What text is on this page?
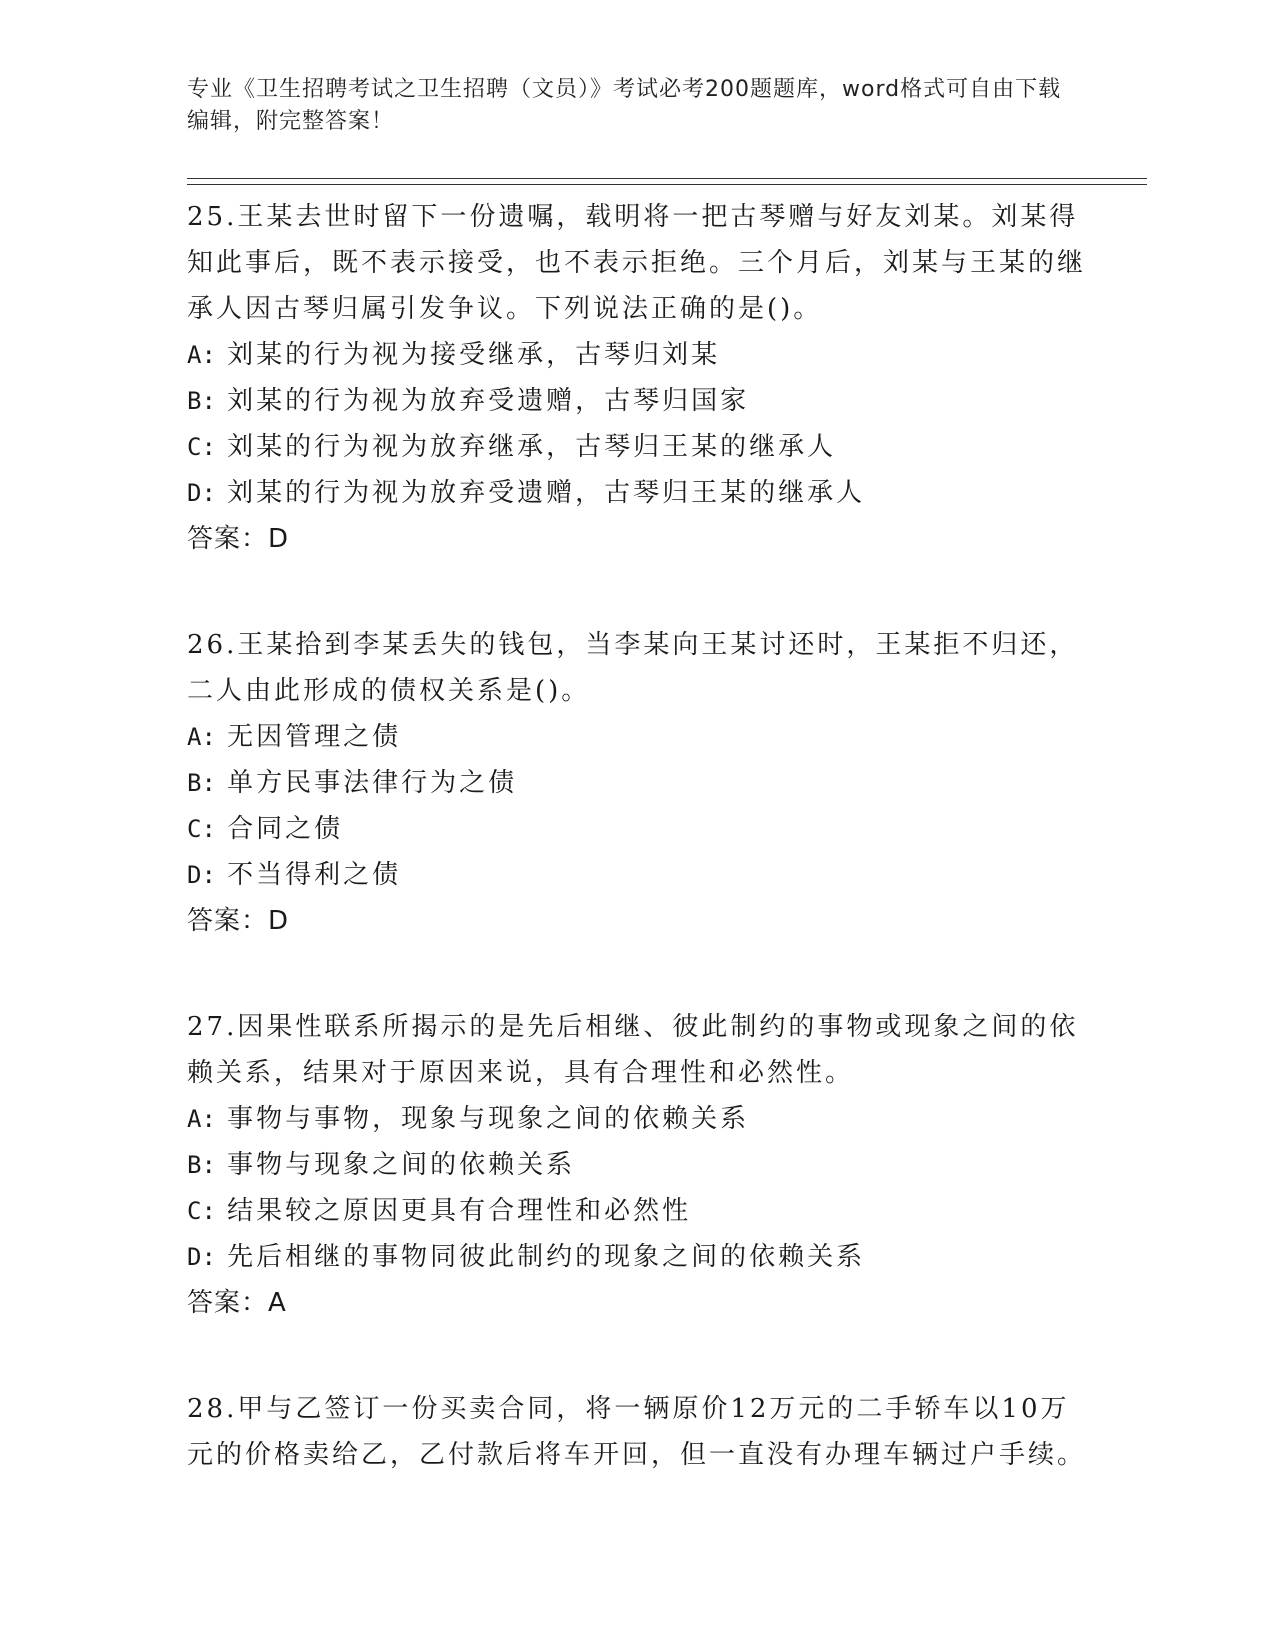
专业《卫生招聘考试之卫生招聘（文员）》考试必考200题题库，word格式可自由下载编辑，附完整答案！

25.王某去世时留下一份遗嘱，载明将一把古琴赠与好友刘某。刘某得知此事后，既不表示接受，也不表示拒绝。三个月后，刘某与王某的继承人因古琴归属引发争议。下列说法正确的是()。

A: 刘某的行为视为接受继承，古琴归刘某

B: 刘某的行为视为放弃受遗赠，古琴归国家

C: 刘某的行为视为放弃继承，古琴归王某的继承人

D: 刘某的行为视为放弃受遗赠，古琴归王某的继承人

答案：D

26.王某拾到李某丢失的钱包，当李某向王某讨还时，王某拒不归还，二人由此形成的债权关系是()。

A: 无因管理之债

B: 单方民事法律行为之债

C: 合同之债

D: 不当得利之债

答案：D

27.因果性联系所揭示的是先后相继、彼此制约的事物或现象之间的依赖关系，结果对于原因来说，具有合理性和必然性。

A: 事物与事物，现象与现象之间的依赖关系

B: 事物与现象之间的依赖关系

C: 结果较之原因更具有合理性和必然性

D: 先后相继的事物同彼此制约的现象之间的依赖关系

答案：A

28.甲与乙签订一份买卖合同，将一辆原价12万元的二手轿车以10万元的价格卖给乙，乙付款后将车开回，但一直没有办理车辆过户手续。
